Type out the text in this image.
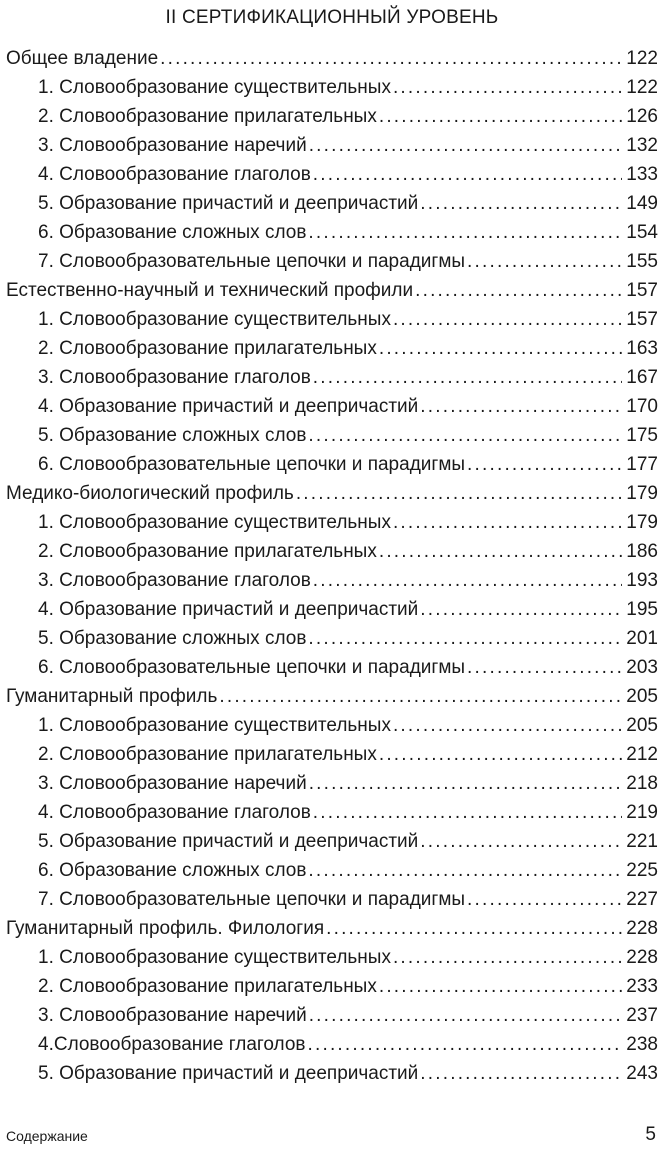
II СЕРТИФИКАЦИОННЫЙ УРОВЕНЬ
Общее владение .....	122
1. Словообразование существительных .....	122
2. Словообразование прилагательных .....	126
3. Словообразование наречий .....	132
4. Словообразование глаголов .....	133
5. Образование причастий и деепричастий .....	149
6. Образование сложных слов .....	154
7. Словообразовательные цепочки и парадигмы .....	155
Естественно-научный и технический профили .....	157
1. Словообразование существительных .....	157
2. Словообразование прилагательных .....	163
3. Словообразование глаголов .....	167
4. Образование причастий и деепричастий .....	170
5. Образование сложных слов .....	175
6. Словообразовательные цепочки и парадигмы .....	177
Медико-биологический профиль .....	179
1. Словообразование существительных .....	179
2. Словообразование прилагательных .....	186
3. Словообразование глаголов .....	193
4. Образование причастий и деепричастий .....	195
5. Образование сложных слов .....	201
6. Словообразовательные цепочки и парадигмы .....	203
Гуманитарный профиль .....	205
1. Словообразование существительных .....	205
2. Словообразование прилагательных .....	212
3. Словообразование наречий .....	218
4. Словообразование глаголов .....	219
5. Образование причастий и деепричастий .....	221
6. Образование сложных слов .....	225
7. Словообразовательные цепочки и парадигмы .....	227
Гуманитарный профиль. Филология .....	228
1. Словообразование существительных .....	228
2. Словообразование прилагательных .....	233
3. Словообразование наречий .....	237
4.Словообразование глаголов .....	238
5. Образование причастий и деепричастий .....	243
Содержание	5
